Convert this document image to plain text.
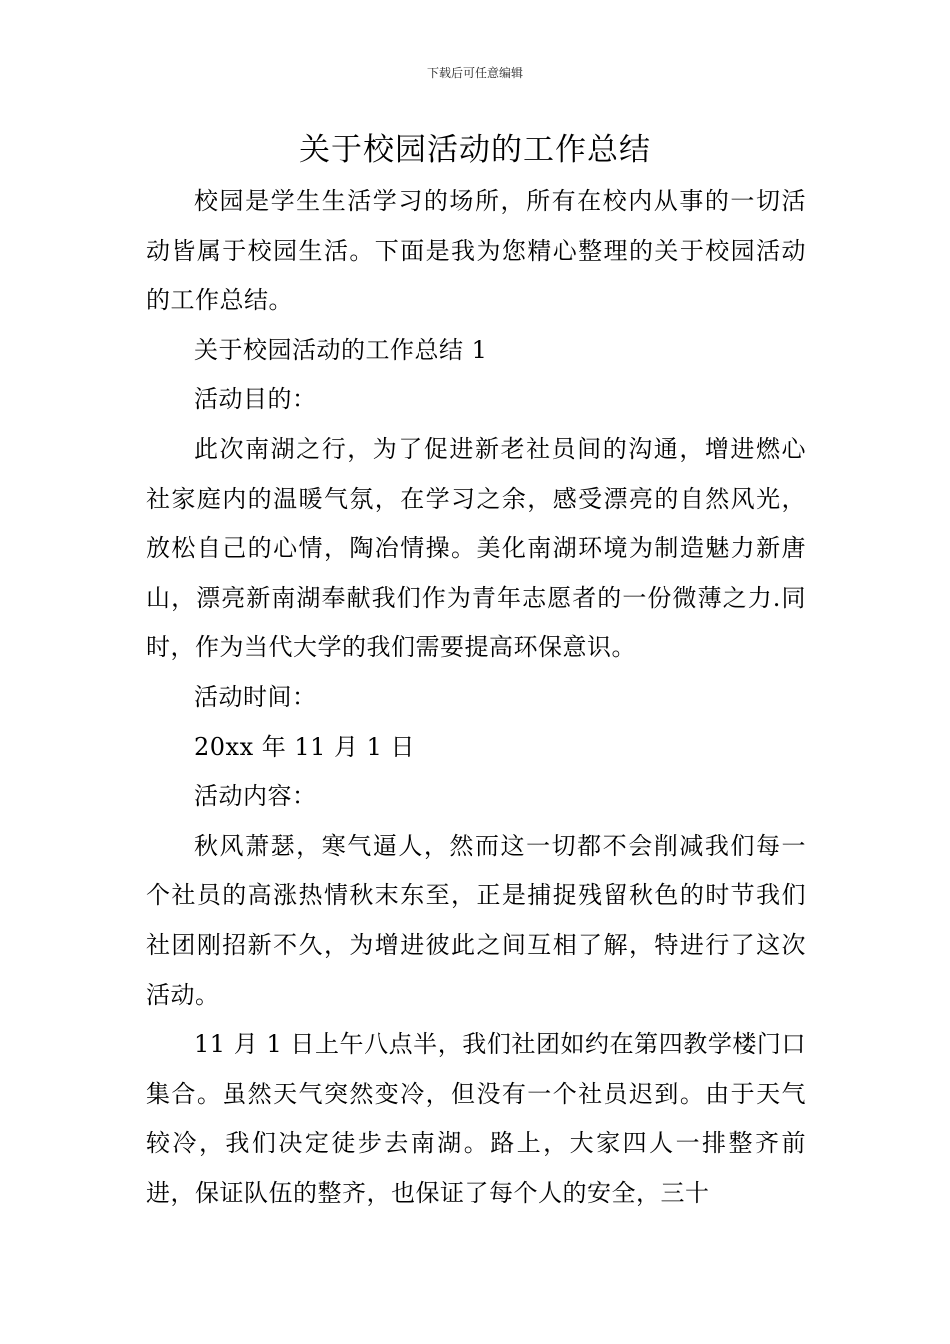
下载后可任意编辑
关于校园活动的工作总结

校园是学生生活学习的场所，所有在校内从事的一切活动皆属于校园生活。下面是我为您精心整理的关于校园活动的工作总结。

关于校园活动的工作总结 1

活动目的：

此次南湖之行，为了促进新老社员间的沟通，增进燃心社家庭内的温暖气氛，在学习之余，感受漂亮的自然风光，放松自己的心情，陶冶情操。美化南湖环境为制造魅力新唐山，漂亮新南湖奉献我们作为青年志愿者的一份微薄之力.同时，作为当代大学的我们需要提高环保意识。

活动时间：

20xx 年 11 月 1 日

活动内容：

秋风萧瑟，寒气逼人，然而这一切都不会削减我们每一个社员的高涨热情秋末东至，正是捕捉残留秋色的时节我们社团刚招新不久，为增进彼此之间互相了解，特进行了这次活动。

11 月 1 日上午八点半，我们社团如约在第四教学楼门口集合。虽然天气突然变冷，但没有一个社员迟到。由于天气较冷，我们决定徒步去南湖。路上，大家四人一排整齐前进，保证队伍的整齐，也保证了每个人的安全，三十
